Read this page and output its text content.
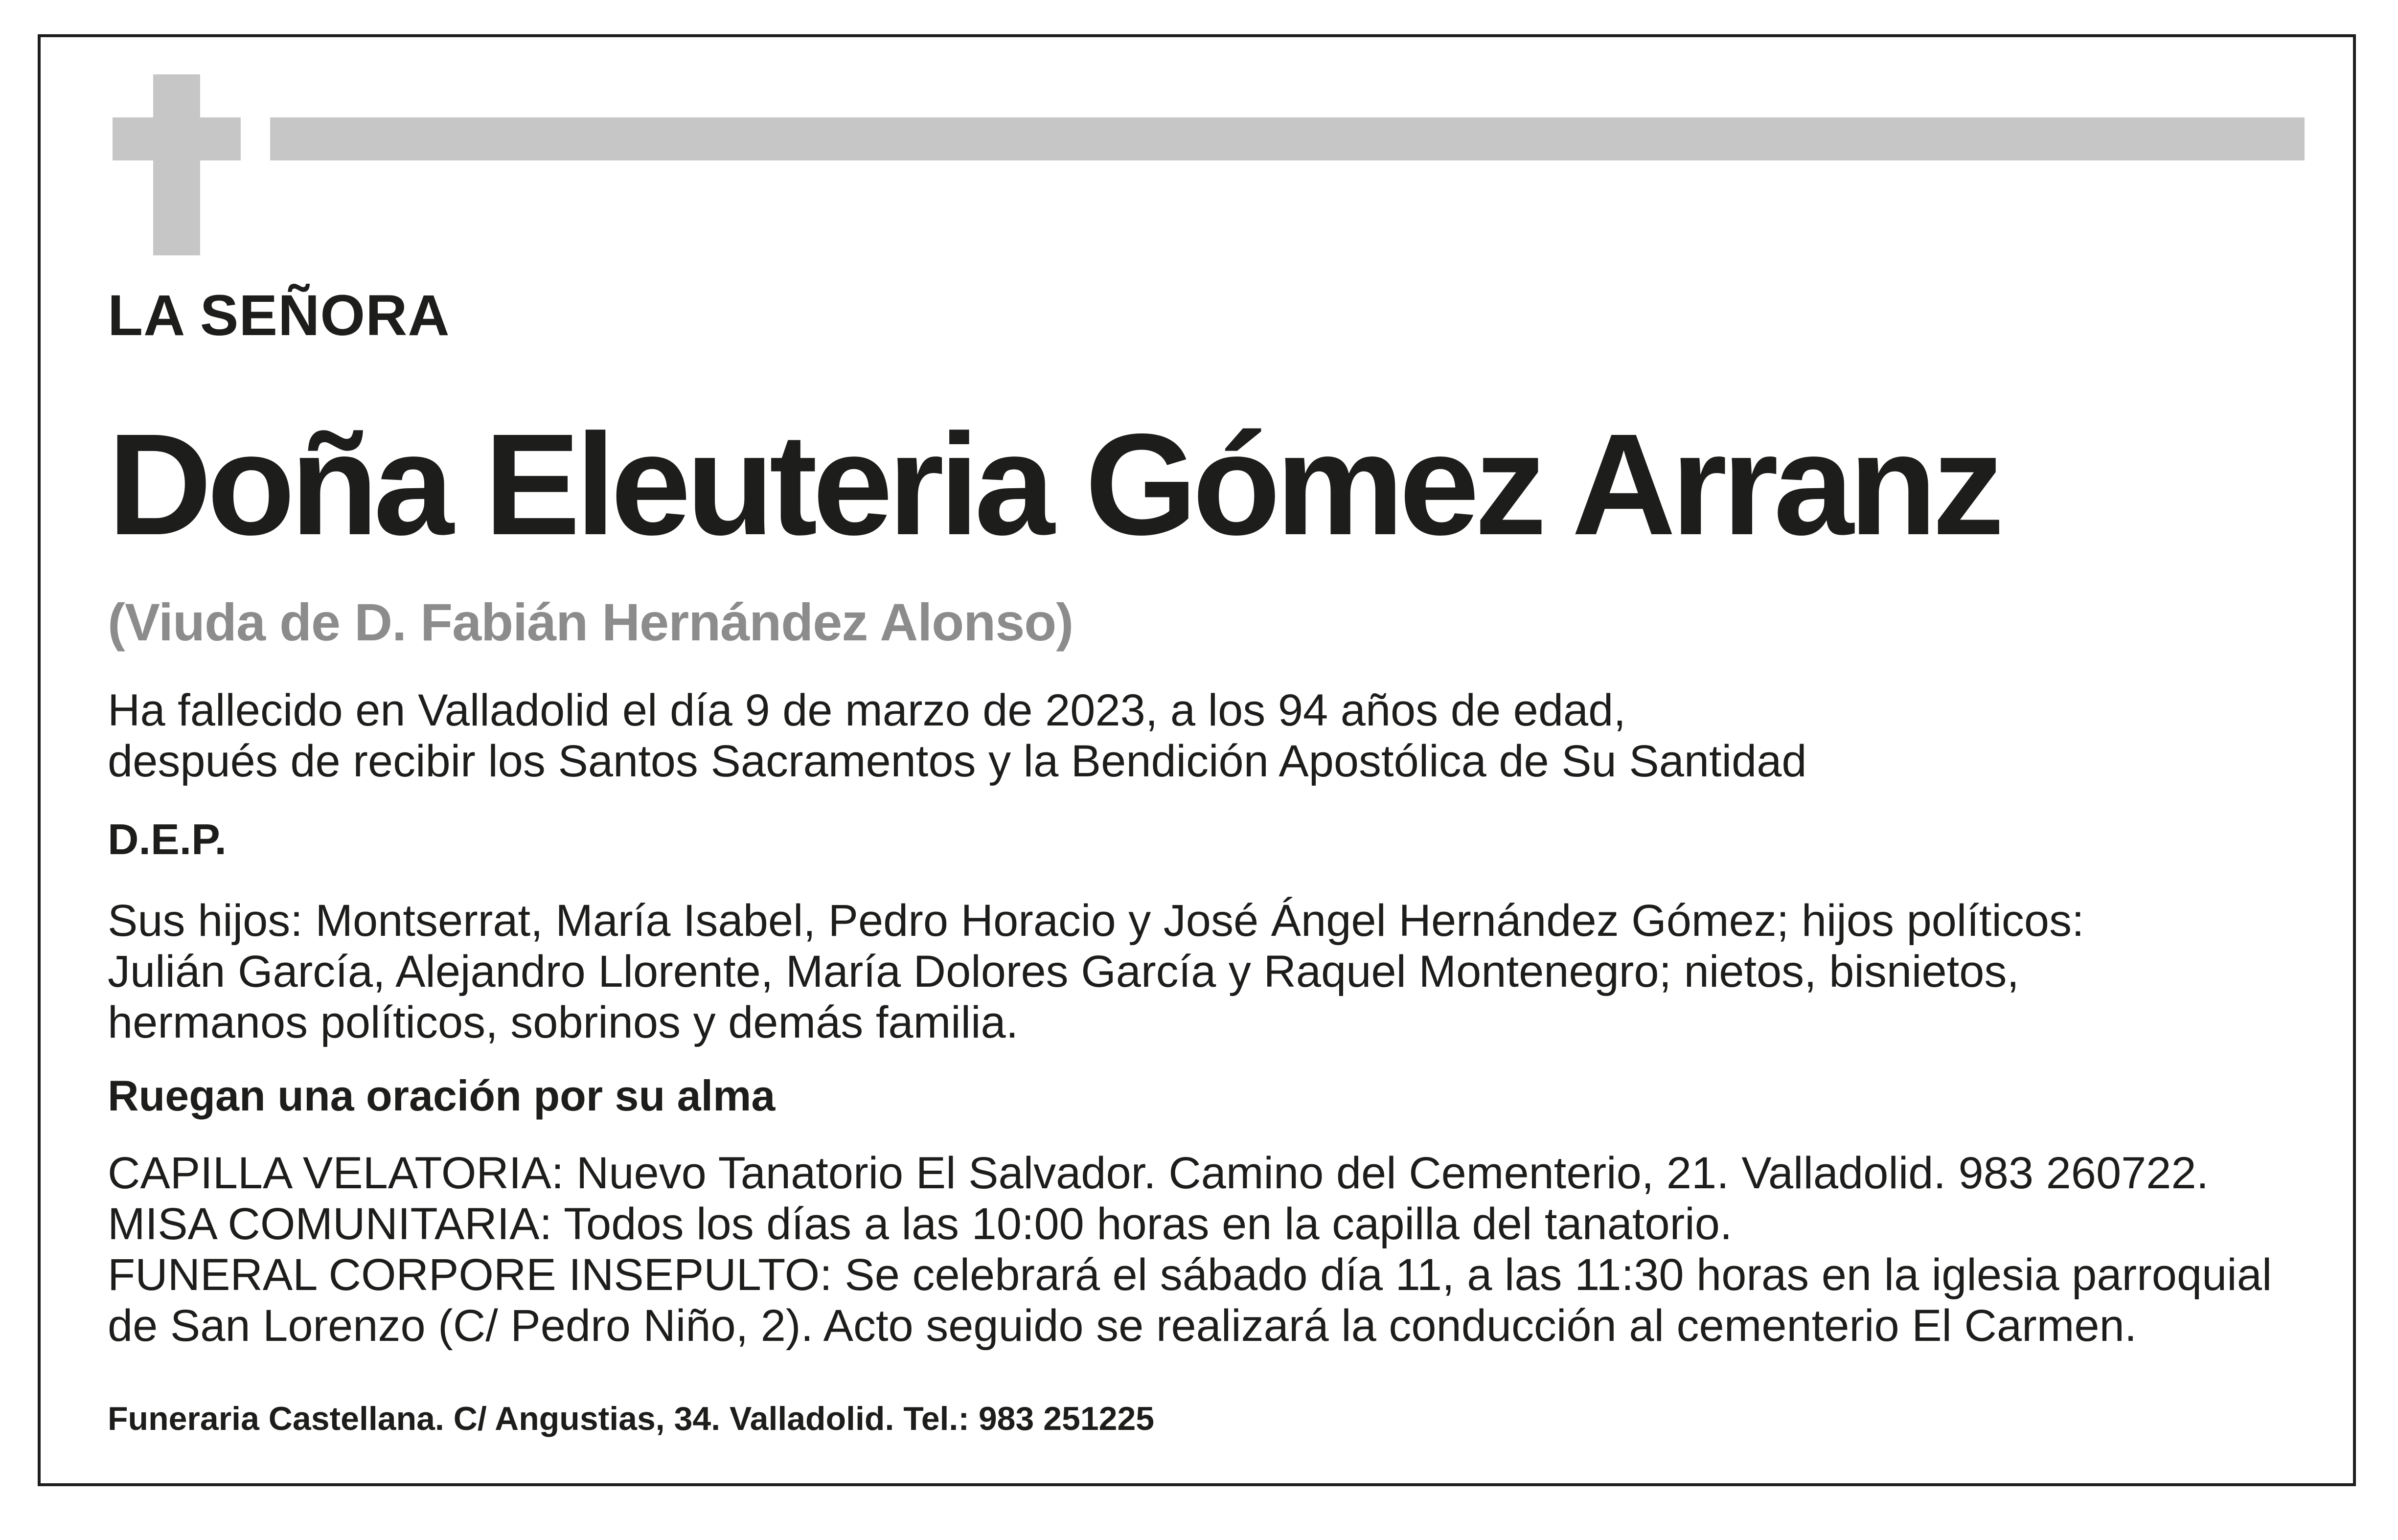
LA SEÑORA
Doña Eleuteria Gómez Arranz
(Viuda de D. Fabián Hernández Alonso)
Ha fallecido en Valladolid el día 9 de marzo de 2023, a los 94 años de edad,
después de recibir los Santos Sacramentos y la Bendición Apostólica de Su Santidad
D.E.P.
Sus hijos: Montserrat, María Isabel, Pedro Horacio y José Ángel Hernández Gómez; hijos políticos:
Julián García, Alejandro Llorente, María Dolores García y Raquel Montenegro; nietos, bisnietos,
hermanos políticos, sobrinos y demás familia.
Ruegan una oración por su alma
CAPILLA VELATORIA: Nuevo Tanatorio El Salvador. Camino del Cementerio, 21. Valladolid. 983 260722.
MISA COMUNITARIA: Todos los días a las 10:00 horas en la capilla del tanatorio.
FUNERAL CORPORE INSEPULTO: Se celebrará el sábado día 11, a las 11:30 horas en la iglesia parroquial
de San Lorenzo (C/ Pedro Niño, 2). Acto seguido se realizará la conducción al cementerio El Carmen.
Funeraria Castellana. C/ Angustias, 34. Valladolid. Tel.: 983 251225
